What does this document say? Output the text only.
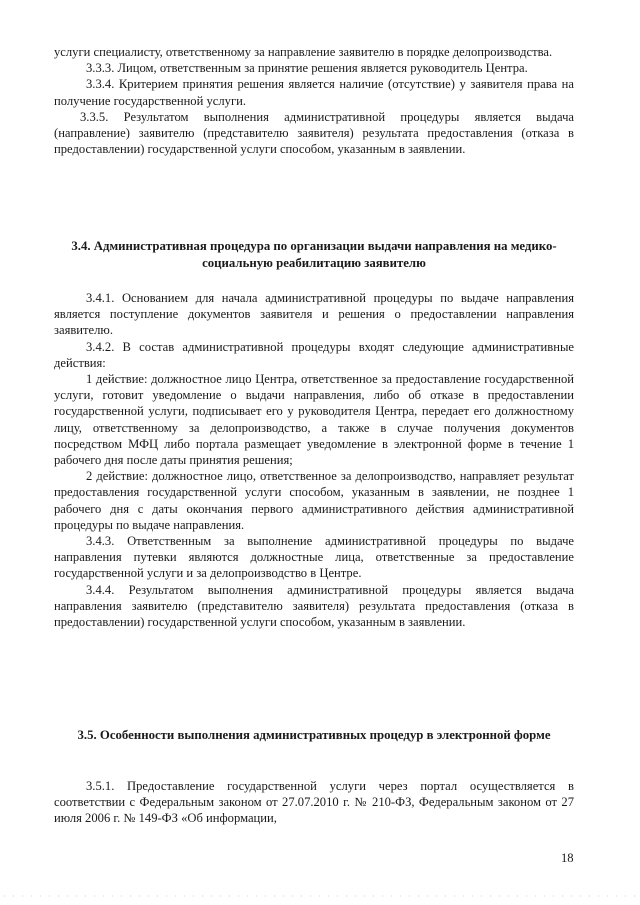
услуги специалисту, ответственному за направление заявителю в порядке делопроизводства.

3.3.3. Лицом, ответственным за принятие решения является руководитель Центра.

3.3.4. Критерием принятия решения является наличие (отсутствие) у заявителя права на получение государственной услуги.

3.3.5. Результатом выполнения административной процедуры является выдача (направление) заявителю (представителю заявителя) результата предоставления (отказа в предоставлении) государственной услуги способом, указанным в заявлении.

3.4. Административная процедура по организации выдачи направления на медико-социальную реабилитацию заявителю

3.4.1. Основанием для начала административной процедуры по выдаче направления является поступление документов заявителя и решения о предоставлении направления заявителю.

3.4.2. В состав административной процедуры входят следующие административные действия:

1 действие: должностное лицо Центра, ответственное за предоставление государственной услуги, готовит уведомление о выдачи направления, либо об отказе в предоставлении государственной услуги, подписывает его у руководителя Центра, передает его должностному лицу, ответственному за делопроизводство, а также в случае получения документов посредством МФЦ либо портала размещает уведомление в электронной форме в течение 1 рабочего дня после даты принятия решения;

2 действие: должностное лицо, ответственное за делопроизводство, направляет результат предоставления государственной услуги способом, указанным в заявлении, не позднее 1 рабочего дня с даты окончания первого административного действия административной процедуры по выдаче направления.

3.4.3. Ответственным за выполнение административной процедуры по выдаче направления путевки являются должностные лица, ответственные за предоставление государственной услуги и за делопроизводство в Центре.

3.4.4. Результатом выполнения административной процедуры является выдача направления заявителю (представителю заявителя) результата предоставления (отказа в предоставлении) государственной услуги способом, указанным в заявлении.

3.5. Особенности выполнения административных процедур в электронной форме

3.5.1. Предоставление государственной услуги через портал осуществляется в соответствии с Федеральным законом от 27.07.2010 г. № 210-ФЗ, Федеральным законом от 27 июля 2006 г. № 149-ФЗ «Об информации,

18
